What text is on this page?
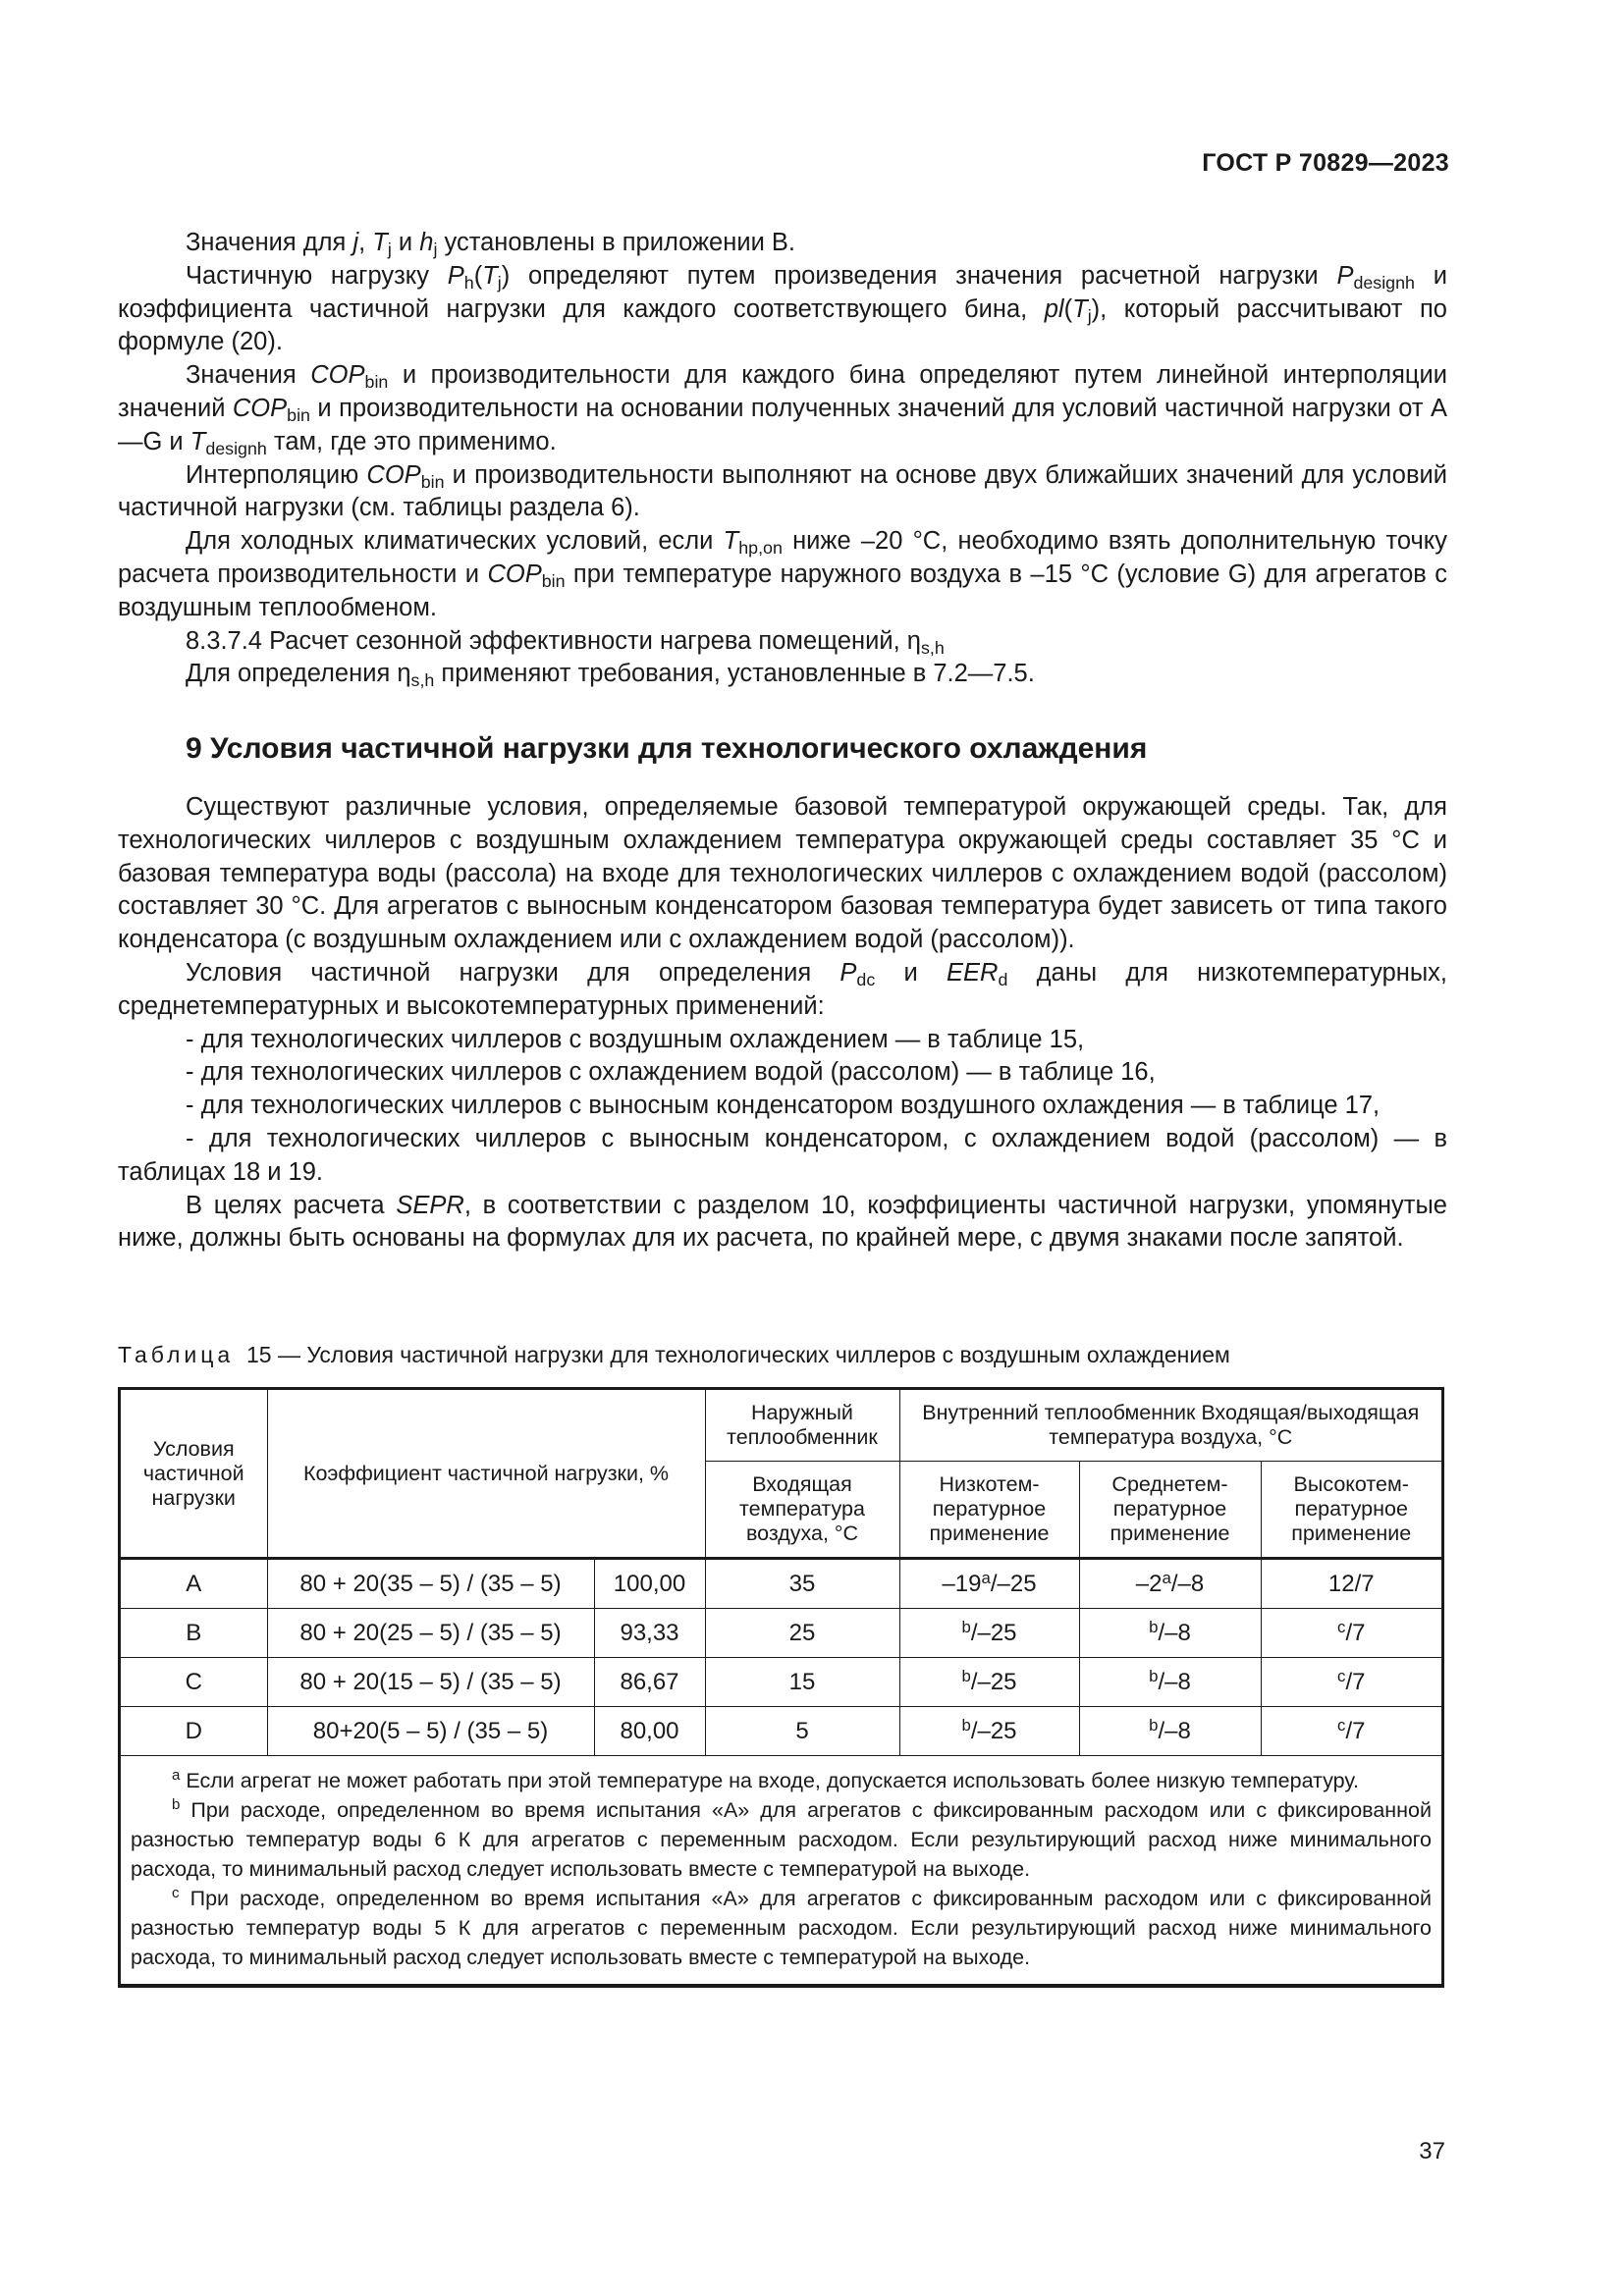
ГОСТ Р 70829—2023

Значения для j, $T_j$ и $h_j$ установлены в приложении В.

Частичную нагрузку $P_h(T_j)$ определяют путем произведения значения расчетной нагрузки $P_{designh}$ и коэффициента частичной нагрузки для каждого соответствующего бина, $pl(T_j)$, который рассчитывают по формуле (20).

Значения $COP_{bin}$ и производительности для каждого бина определяют путем линейной интерполяции значений $COP_{bin}$ и производительности на основании полученных значений для условий частичной нагрузки от А—G и $T_{designh}$ там, где это применимо.

Интерполяцию $COP_{bin}$ и производительности выполняют на основе двух ближайших значений для условий частичной нагрузки (см. таблицы раздела 6).

Для холодных климатических условий, если $T_{hp,on}$ ниже –20 °С, необходимо взять дополнительную точку расчета производительности и $COP_{bin}$ при температуре наружного воздуха в –15 °С (условие G) для агрегатов с воздушным теплообменом.

8.3.7.4 Расчет сезонной эффективности нагрева помещений, $\eta_{s,h}$

Для определения $\eta_{s,h}$ применяют требования, установленные в 7.2—7.5.

9 Условия частичной нагрузки для технологического охлаждения

Существуют различные условия, определяемые базовой температурой окружающей среды. Так, для технологических чиллеров с воздушным охлаждением температура окружающей среды составляет 35 °С и базовая температура воды (рассола) на входе для технологических чиллеров с охлаждением водой (рассолом) составляет 30 °С. Для агрегатов с выносным конденсатором базовая температура будет зависеть от типа такого конденсатора (с воздушным охлаждением или с охлаждением водой (рассолом)).

Условия частичной нагрузки для определения $P_{dc}$ и $EER_d$ даны для низкотемпературных, среднетемпературных и высокотемпературных применений:

- для технологических чиллеров с воздушным охлаждением — в таблице 15,

- для технологических чиллеров с охлаждением водой (рассолом) — в таблице 16,

- для технологических чиллеров с выносным конденсатором воздушного охлаждения — в таблице 17,

- для технологических чиллеров с выносным конденсатором, с охлаждением водой (рассолом) — в таблицах 18 и 19.

В целях расчета SEPR, в соответствии с разделом 10, коэффициенты частичной нагрузки, упомянутые ниже, должны быть основаны на формулах для их расчета, по крайней мере, с двумя знаками после запятой.

Таблица 15 — Условия частичной нагрузки для технологических чиллеров с воздушным охлаждением
Условия частичной нагрузки	Коэффициент частичной нагрузки, %		Наружный теплообменник	Внутренний теплообменник Входящая/выходящая температура воздуха, °С		
			Входящая температура воздуха, °С	Низкотем-пературное применение	Среднетем-пературное применение	Высокотем-пературное применение
А	80 + 20(35 – 5) / (35 – 5)	100,00	35	–19$^a$/–25	–2$^a$/–8	12/7
В	80 + 20(25 – 5) / (35 – 5)	93,33	25	$^b$/–25	$^b$/–8	$^c$/7
С	80 + 20(15 – 5) / (35 – 5)	86,67	15	$^b$/–25	$^b$/–8	$^c$/7
D	80+20(5 – 5) / (35 – 5)	80,00	5	$^b$/–25	$^b$/–8	$^c$/7

$^a$ Если агрегат не может работать при этой температуре на входе, допускается использовать более низкую температуру.

$^b$ При расходе, определенном во время испытания «А» для агрегатов с фиксированным расходом или с фиксированной разностью температур воды 6 К для агрегатов с переменным расходом. Если результирующий расход ниже минимального расхода, то минимальный расход следует использовать вместе с температурой на выходе.

$^c$ При расходе, определенном во время испытания «А» для агрегатов с фиксированным расходом или с фиксированной разностью температур воды 5 К для агрегатов с переменным расходом. Если результирующий расход ниже минимального расхода, то минимальный расход следует использовать вместе с температурой на выходе.						

37
